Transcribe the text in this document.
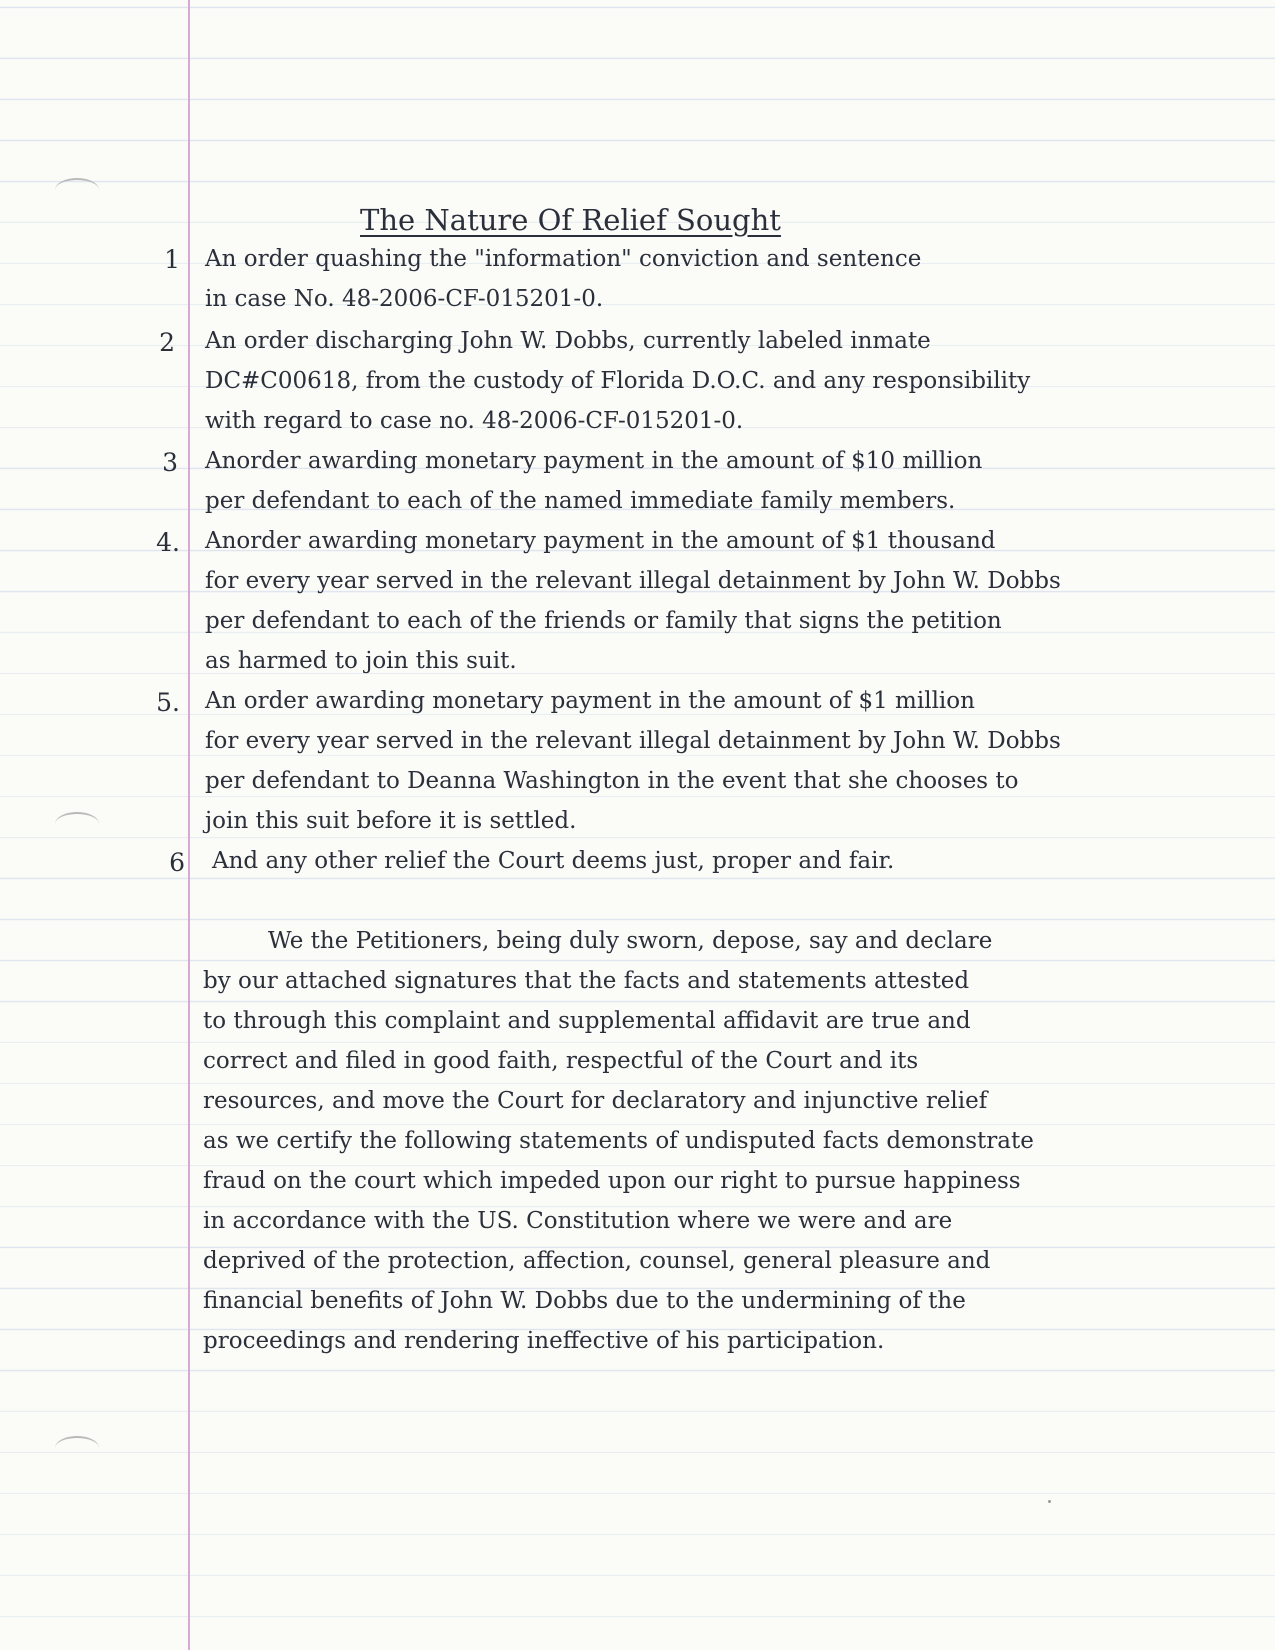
The Nature Of Relief Sought
1 An order quashing the "information" conviction and sentence
in case No. 48-2006-CF-015201-0.
2 An order discharging John W. Dobbs, currently labeled inmate
DC#C00618, from the custody of Florida D.O.C. and any responsibility
with regard to case no. 48-2006-CF-015201-0.
3 Anorder awarding monetary payment in the amount of $10 million
per defendant to each of the named immediate family members.
4. Anorder awarding monetary payment in the amount of $1 thousand
for every year served in the relevant illegal detainment by John W. Dobbs
per defendant to each of the friends or family that signs the petition
as harmed to join this suit.
5. An order awarding monetary payment in the amount of $1 million
for every year served in the relevant illegal detainment by John W. Dobbs
per defendant to Deanna Washington in the event that she chooses to
join this suit before it is settled.
6 And any other relief the Court deems just, proper and fair.
We the Petitioners, being duly sworn, depose, say and declare
by our attached signatures that the facts and statements attested
to through this complaint and supplemental affidavit are true and
correct and filed in good faith, respectful of the Court and its
resources, and move the Court for declaratory and injunctive relief
as we certify the following statements of undisputed facts demonstrate
fraud on the court which impeded upon our right to pursue happiness
in accordance with the US. Constitution where we were and are
deprived of the protection, affection, counsel, general pleasure and
financial benefits of John W. Dobbs due to the undermining of the
proceedings and rendering ineffective of his participation.
